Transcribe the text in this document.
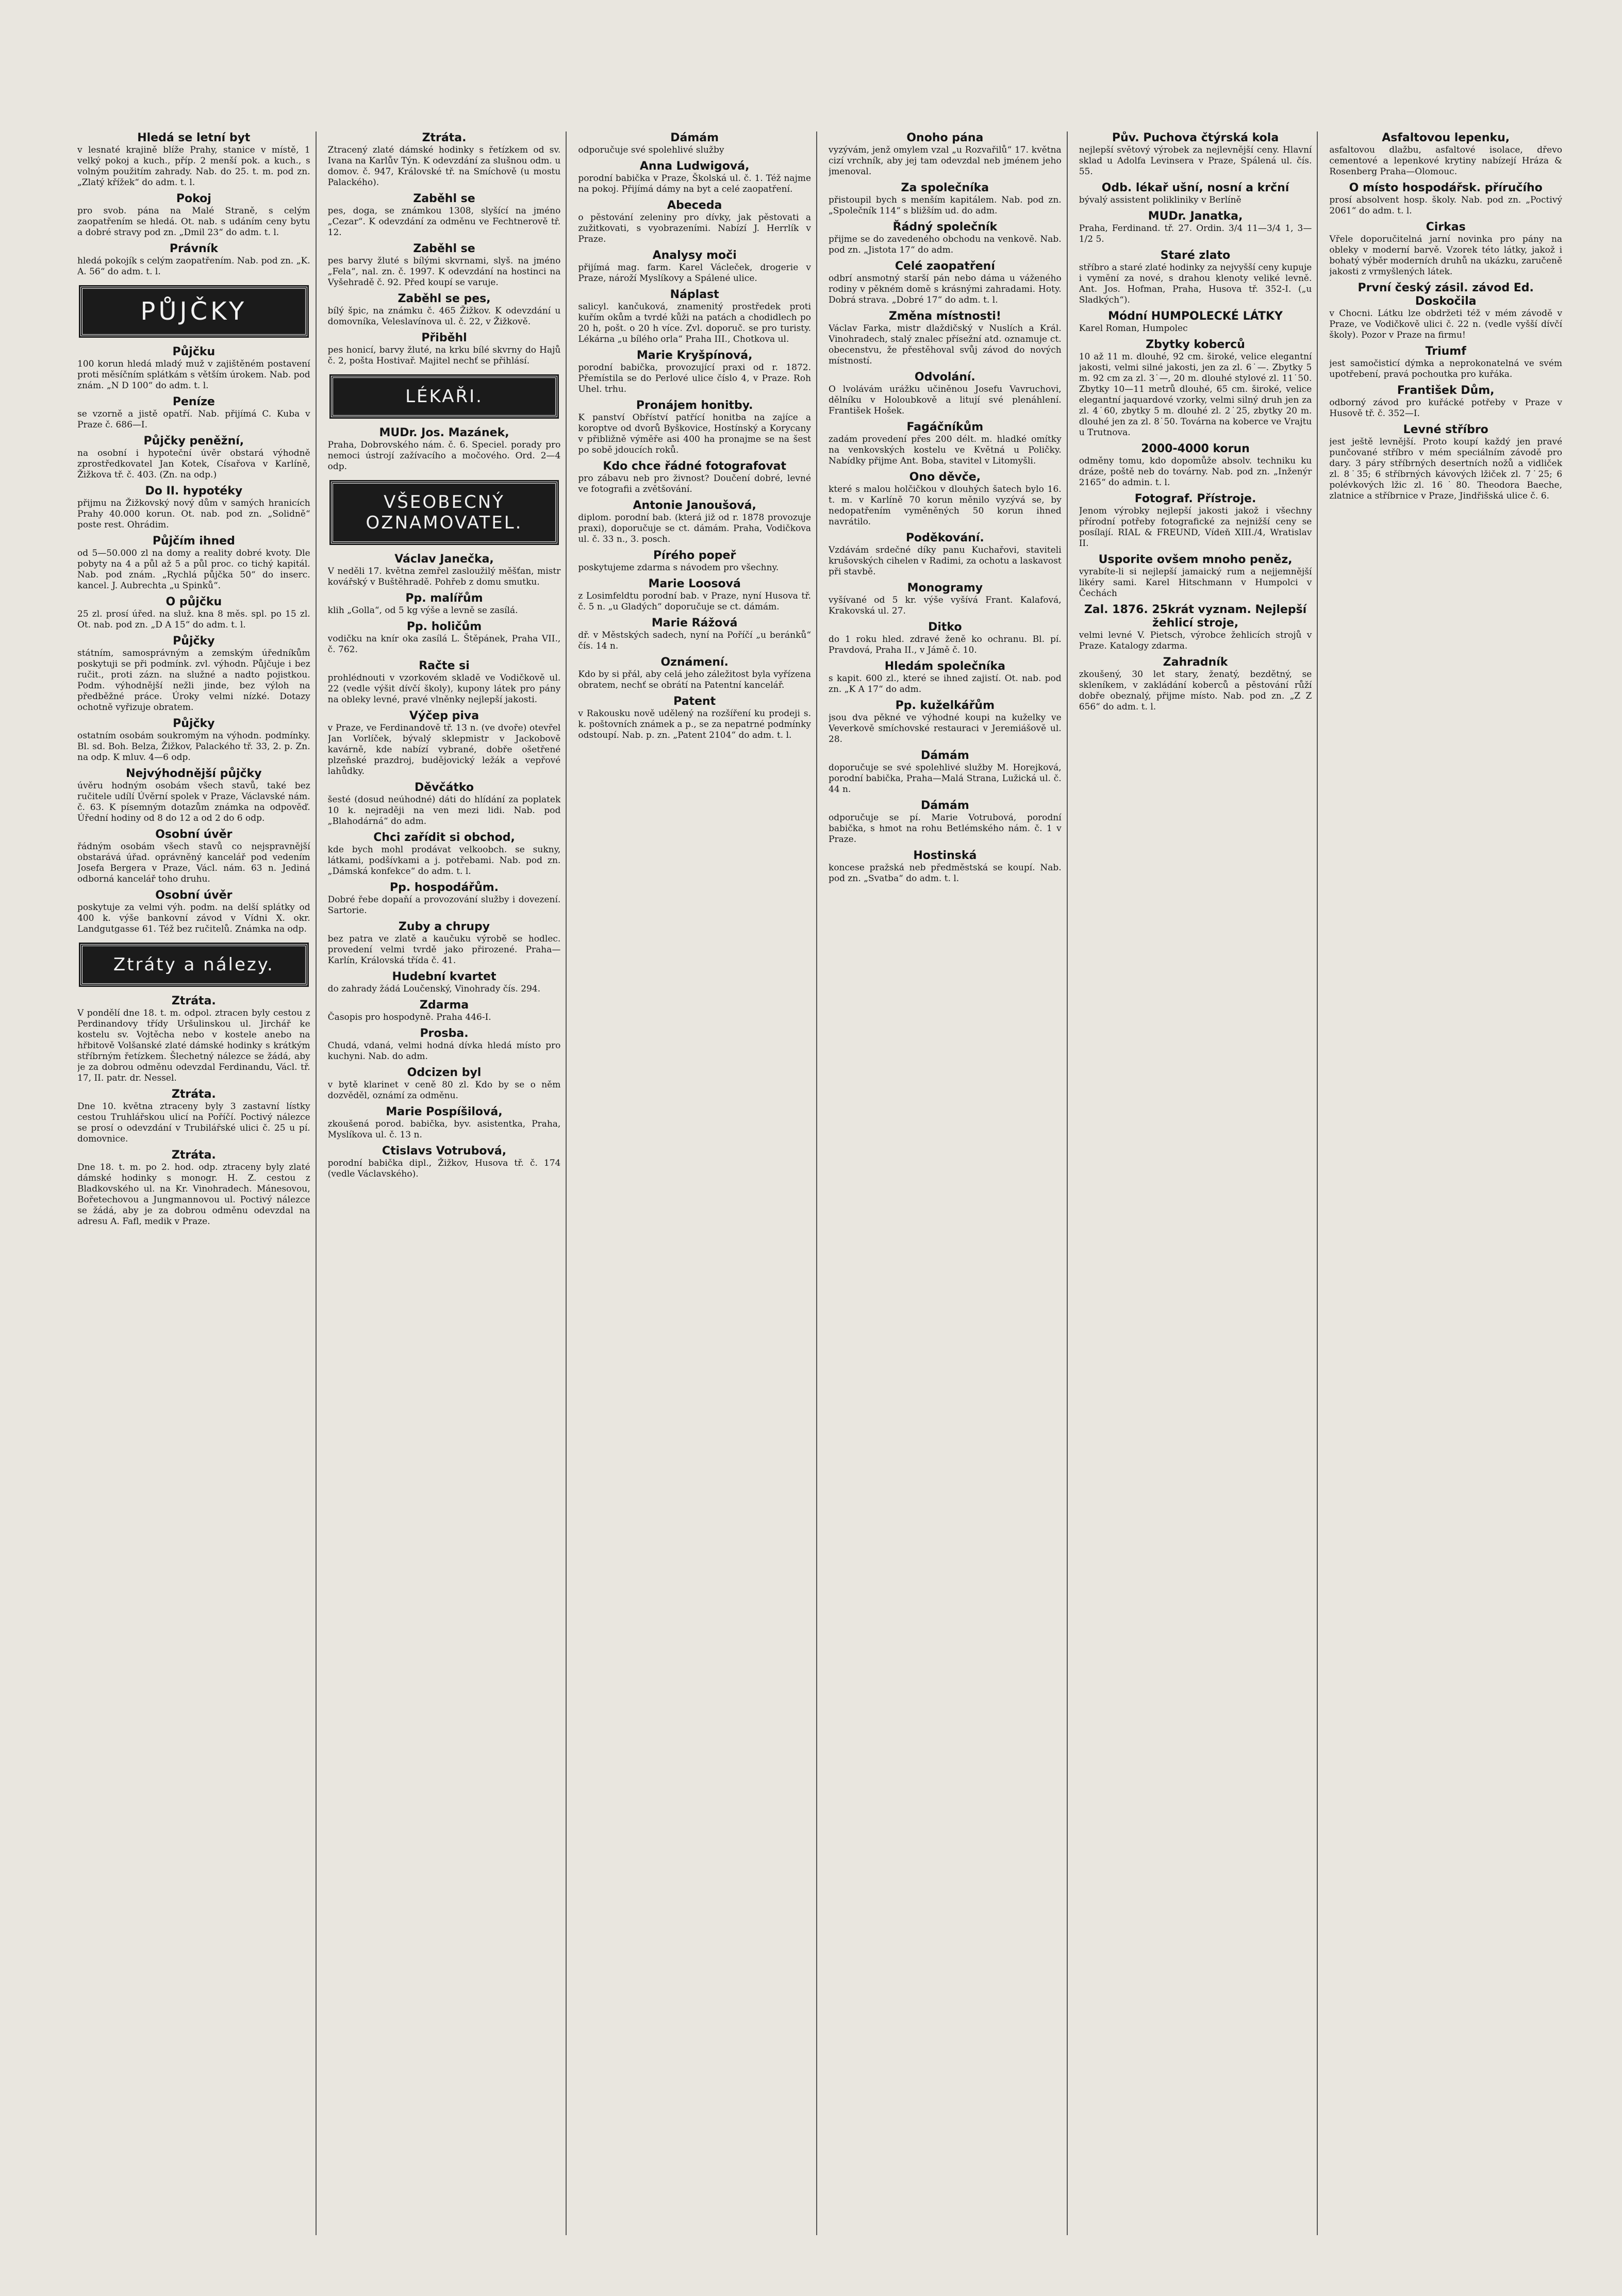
Hledá se letní byt
v lesnaté krajině blíže Prahy, stanice v místě, 1 velký pokoj a kuch., příp. 2 menší pok. a kuch., s volným použitím zahrady. Nab. do 25. t. m. pod zn. „Zlatý křížek“ do adm. t. l.
Pokoj
pro svob. pána na Malé Straně, s celým zaopatřením se hledá. Ot. nab. s udáním ceny bytu a dobré stravy pod zn. „Dmil 23“ do adm. t. l.
Právník
hledá pokojík s celým zaopatřením. Nab. pod zn. „K. A. 56“ do adm. t. l.
PŮJČKY
Půjčku
100 korun hledá mladý muž v zajištěném postavení proti měsíčním splátkám s větším úrokem. Nab. pod znám. „N D 100“ do adm. t. l.
Peníze
se vzorně a jistě opatří. Nab. přijímá C. Kuba v Praze č. 686—I.
Půjčky peněžní,
na osobní i hypoteční úvěr obstará výhodně zprostředkovatel Jan Kotek, Císařova v Karlíně, Žižkova tř. č. 403. (Zn. na odp.)
Do II. hypotéky
přijmu na Žižkovský nový dům v samých hranicích Prahy 40.000 korun. Ot. nab. pod zn. „Solidně“ poste rest. Ohrádim.
Půjčím ihned
od 5—50.000 zl na domy a reality dobré kvoty. Dle pobyty na 4 a půl až 5 a půl proc. co tichý kapitál. Nab. pod znám. „Rychlá půjčka 50“ do inserc. kancel. J. Aubrechta „u Spinků“.
O půjčku
25 zl. prosí úřed. na služ. kna 8 měs. spl. po 15 zl. Ot. nab. pod zn. „D A 15“ do adm. t. l.
Půjčky
státním, samosprávným a zemským úředníkům poskytuji se při podmínk. zvl. výhodn. Půjčuje i bez ručit., proti zázn. na služné a nadto pojistkou. Podm. výhodnější nežli jinde, bez výloh na předběžné práce. Úroky velmi nízké. Dotazy ochotně vyřizuje obratem.
Půjčky
ostatním osobám soukromým na výhodn. podmínky. Bl. sd. Boh. Belza, Žižkov, Palackého tř. 33, 2. p. Zn. na odp. K mluv. 4—6 odp.
Nejvýhodnější půjčky
úvěru hodným osobám všech stavů, také bez ručitele udílí Úvěrní spolek v Praze, Václavské nám. č. 63. K písemným dotazům známka na odpověď. Úřední hodiny od 8 do 12 a od 2 do 6 odp.
Osobní úvěr
řádným osobám všech stavů co nejspravnější obstarává úřad. oprávněný kancelář pod vedením Josefa Bergera v Praze, Václ. nám. 63 n. Jediná odborná kancelář toho druhu.
Osobní úvěr
poskytuje za velmi výh. podm. na delší splátky od 400 k. výše bankovní závod v Vídni X. okr. Landgutgasse 61. Též bez ručitelů. Známka na odp.
Ztráty a nálezy.
Ztráta.
V pondělí dne 18. t. m. odpol. ztracen byly cestou z Perdinandovy třídy Uršulinskou ul. Jirchář ke kostelu sv. Vojtěcha nebo v kostele anebo na hřbitově Volšanské zlaté dámské hodinky s krátkým stříbrným řetízkem. Šlechetný nálezce se žádá, aby je za dobrou odměnu odevzdal Ferdinandu, Václ. tř. 17, II. patr. dr. Nessel.
Ztráta.
Dne 10. května ztraceny byly 3 zastavní lístky cestou Truhlářskou ulicí na Poříčí. Poctivý nálezce se prosí o odevzdání v Trubilářské ulici č. 25 u pí. domovnice.
Ztráta.
Dne 18. t. m. po 2. hod. odp. ztraceny byly zlaté dámské hodinky s monogr. H. Z. cestou z Bladkovského ul. na Kr. Vinohradech. Mánesovou, Bořetechovou a Jungmannovou ul. Poctivý nálezce se žádá, aby je za dobrou odměnu odevzdal na adresu A. Fafl, medik v Praze.
Ztráta.
Ztracený zlaté dámské hodinky s řetízkem od sv. Ivana na Karlův Týn. K odevzdání za slušnou odm. u domov. č. 947, Královské tř. na Smíchově (u mostu Palackého).
Zaběhl se
pes, doga, se známkou 1308, slyšící na jméno „Cezar“. K odevzdání za odměnu ve Fechtnerově tř. 12.
Zaběhl se
pes barvy žluté s bílými skvrnami, slyš. na jméno „Fela“, nal. zn. č. 1997. K odevzdání na hostinci na Vyšehradě č. 92. Před koupí se varuje.
Zaběhl se pes,
bílý špic, na známku č. 465 Žižkov. K odevzdání u domovníka, Veleslavínova ul. č. 22, v Žižkově.
Přiběhl
pes honicí, barvy žluté, na krku bílé skvrny do Hajů č. 2, pošta Hostivař. Majitel nechť se přihlásí.
LÉKAŘI.
MUDr. Jos. Mazánek,
Praha, Dobrovského nám. č. 6. Speciel. porady pro nemoci ústrojí zažívacího a močového. Ord. 2—4 odp.
VŠEOBECNÝ OZNAMOVATEL.
Václav Janečka,
V neděli 17. května zemřel zasloužilý měšťan, mistr kovářský v Buštěhradě. Pohřeb z domu smutku.
Pp. malířům
klih „Golla“, od 5 kg výše a levně se zasílá.
Pp. holičům
vodičku na knír oka zasílá L. Štěpánek, Praha VII., č. 762.
Račte si
prohlédnouti v vzorkovém skladě ve Vodičkově ul. 22 (vedle výšit dívčí školy), kupony látek pro pány na obleky levné, pravé vlněnky nejlepší jakosti.
Výčep piva
v Praze, ve Ferdinandově tř. 13 n. (ve dvoře) otevřel Jan Vorlíček, bývalý sklepmistr v Jackobově kavárně, kde nabízí vybrané, dobře ošetřené plzeňské prazdroj, budějovický ležák a vepřové lahůdky.
Děvčátko
šesté (dosud neúhodné) dáti do hlídání za poplatek 10 k. nejraději na ven mezi lidi. Nab. pod „Blahodárná“ do adm.
Chci zařídit si obchod,
kde bych mohl prodávat velkoobch. se sukny, látkami, podšívkami a j. potřebami. Nab. pod zn. „Dámská konfekce“ do adm. t. l.
Pp. hospodářům.
Dobré řebe dopaňí a provozování služby i dovezení. Sartorie.
Zuby a chrupy
bez patra ve zlatě a kaučuku výrobě se hodlec. provedení velmi tvrdě jako přirozené. Praha—Karlín, Královská třída č. 41.
Hudební kvartet
do zahrady žádá Loučenský, Vinohrady čís. 294.
Zdarma
Časopis pro hospodyně. Praha 446-I.
Prosba.
Chudá, vdaná, velmi hodná dívka hledá místo pro kuchyni. Nab. do adm.
Odcizen byl
v bytě klarinet v ceně 80 zl. Kdo by se o něm dozvěděl, oznámí za odměnu.
Marie Pospíšilová,
zkoušená porod. babička, byv. asistentka, Praha, Myslíkova ul. č. 13 n.
Ctislavs Votrubová,
porodní babička dipl., Žižkov, Husova tř. č. 174 (vedle Václavského).
Dámám
odporučuje své spolehlivé služby
Anna Ludwigová,
porodní babička v Praze, Školská ul. č. 1. Též najme na pokoj. Přijímá dámy na byt a celé zaopatření.
Abeceda
o pěstování zeleniny pro dívky, jak pěstovati a zužitkovati, s vyobrazeními. Nabízí J. Herrlík v Praze.
Analysy moči
přijímá mag. farm. Karel Václeček, drogerie v Praze, nároží Myslíkovy a Spálené ulice.
Náplast
salicyl. kančuková, znamenitý prostředek proti kuřím okům a tvrdé kůži na patách a chodidlech po 20 h, pošt. o 20 h více. Zvl. doporuč. se pro turisty. Lékárna „u bílého orla“ Praha III., Chotkova ul.
Marie Kryšpínová,
porodní babička, provozující praxi od r. 1872. Přemístila se do Perlové ulice číslo 4, v Praze. Roh Uhel. trhu.
Pronájem honitby.
K panství Obříství patřící honitba na zajíce a koroptve od dvorů Byškovice, Hostínský a Korycany v přibližně výměře asi 400 ha pronajme se na šest po sobě jdoucích roků.
Kdo chce řádné fotografovat
pro zábavu neb pro živnost? Doučení dobré, levné ve fotografii a zvětšování.
Antonie Janoušová,
diplom. porodní bab. (která již od r. 1878 provozuje praxi), doporučuje se ct. dámám. Praha, Vodičkova ul. č. 33 n., 3. posch.
Pírého popeř
poskytujeme zdarma s návodem pro všechny.
Marie Loosová
z Losimfeldtu porodní bab. v Praze, nyní Husova tř. č. 5 n. „u Gladých“ doporučuje se ct. dámám.
Marie Rážová
dř. v Městských sadech, nyní na Poříčí „u beránků“ čís. 14 n.
Oznámení.
Kdo by si přál, aby celá jeho záležitost byla vyřízena obratem, nechť se obrátí na Patentní kancelář.
Patent
v Rakousku nově udělený na rozšíření ku prodeji s. k. poštovních známek a p., se za nepatrné podmínky odstoupí. Nab. p. zn. „Patent 2104“ do adm. t. l.
Onoho pána
vyzývám, jenž omylem vzal „u Rozvařilů“ 17. května cizí vrchník, aby jej tam odevzdal neb jménem jeho jmenoval.
Za společníka
přistoupil bych s menším kapitálem. Nab. pod zn. „Společník 114“ s bližším ud. do adm.
Řádný společník
přijme se do zavedeného obchodu na venkově. Nab. pod zn. „Jistota 17“ do adm.
Celé zaopatření
odbrí ansmotný starší pán nebo dáma u váženého rodiny v pěkném domě s krásnými zahradami. Hoty. Dobrá strava. „Dobré 17“ do adm. t. l.
Změna místnosti!
Václav Farka, mistr dlaždičský v Nuslích a Král. Vinohradech, stalý znalec přísežní atd. oznamuje ct. obecenstvu, že přestěhoval svůj závod do nových místností.
Odvolání.
O lvolávám urážku učiněnou Josefu Vavruchovi, dělníku v Holoubkově a litují své plenáhlení. František Hošek.
Fagáčníkům
zadám provedení přes 200 délt. m. hladké omítky na venkovských kostelu ve Květná u Poličky. Nabídky přijme Ant. Boba, stavitel v Litomyšli.
Ono děvče,
které s malou holčičkou v dlouhých šatech bylo 16. t. m. v Karlíně 70 korun měnilo vyzývá se, by nedopatřením vyměněných 50 korun ihned navrátilo.
Poděkování.
Vzdávám srdečné díky panu Kuchařovi, staviteli krušovských cihelen v Radimi, za ochotu a laskavost při stavbě.
Monogramy
vyšívané od 5 kr. výše vyšívá Frant. Kalafová, Krakovská ul. 27.
Ditko
do 1 roku hled. zdravé ženě ko ochranu. Bl. pí. Pravdová, Praha II., v Jámě č. 10.
Hledám společníka
s kapit. 600 zl., které se ihned zajistí. Ot. nab. pod zn. „K A 17“ do adm.
Pp. kuželkářům
jsou dva pěkné ve výhodné koupi na kuželky ve Veverkově smíchovské restauraci v Jeremiášově ul. 28.
Dámám
doporučuje se své spolehlivé služby M. Horejková, porodní babička, Praha—Malá Strana, Lužická ul. č. 44 n.
Dámám
odporučuje se pí. Marie Votrubová, porodní babička, s hmot na rohu Betlémského nám. č. 1 v Praze.
Hostinská
koncese pražská neb předměstská se koupí. Nab. pod zn. „Svatba“ do adm. t. l.
Pův. Puchova čtýrská kola
nejlepší světový výrobek za nejlevnější ceny. Hlavní sklad u Adolfa Levinsera v Praze, Spálená ul. čís. 55.
Odb. lékař ušní, nosní a krční
bývalý assistent polikliniky v Berlíně
MUDr. Janatka,
Praha, Ferdinand. tř. 27. Ordin. 3/4 11—3/4 1, 3—1/2 5.
Staré zlato
stříbro a staré zlaté hodinky za nejvyšší ceny kupuje i vymění za nové, s drahou klenoty veliké levně. Ant. Jos. Hofman, Praha, Husova tř. 352-I. („u Sladkých“).
Módní HUMPOLECKÉ LÁTKY
Karel Roman, Humpolec
Zbytky koberců
10 až 11 m. dlouhé, 92 cm. široké, velice elegantní jakosti, velmi silné jakosti, jen za zl. 6˙—. Zbytky 5 m. 92 cm za zl. 3˙—, 20 m. dlouhé stylové zl. 11˙50. Zbytky 10—11 metrů dlouhé, 65 cm. široké, velice elegantní jaquardové vzorky, velmi silný druh jen za zl. 4˙60, zbytky 5 m. dlouhé zl. 2˙25, zbytky 20 m. dlouhé jen za zl. 8˙50. Továrna na koberce ve Vrajtu u Trutnova.
2000-4000 korun
odměny tomu, kdo dopomůže absolv. techniku ku dráze, poště neb do továrny. Nab. pod zn. „Inženýr 2165“ do admin. t. l.
Fotograf. Přístroje.
Jenom výrobky nejlepší jakosti jakož i všechny přírodní potřeby fotografické za nejnižší ceny se posílají. RIAL & FREUND, Vídeň XIII./4, Wratislav II.
Usporite ovšem mnoho peněz,
vyrabíte-li si nejlepší jamaický rum a nejjemnější likéry sami. Karel Hitschmann v Humpolci v Čechách
Zal. 1876. 25krát vyznam. Nejlepší žehlicí stroje,
velmi levné V. Pietsch, výrobce žehlicích strojů v Praze. Katalogy zdarma.
Zahradník
zkoušený, 30 let stary, ženatý, bezdětný, se skleníkem, v zakládání koberců a pěstování růží dobře obeznalý, přijme místo. Nab. pod zn. „Z Z 656“ do adm. t. l.
Asfaltovou lepenku,
asfaltovou dlažbu, asfaltové isolace, dřevo cementové a lepenkové krytiny nabízejí Hráza & Rosenberg Praha—Olomouc.
O místo hospodářsk. příručího
prosí absolvent hosp. školy. Nab. pod zn. „Poctivý 2061“ do adm. t. l.
Cirkas
Vřele doporučitelná jarní novinka pro pány na obleky v moderní barvě. Vzorek této látky, jakož i bohatý výběr moderních druhů na ukázku, zaručeně jakosti z vrmyšlených látek.
První český zásil. závod Ed. Doskočila
v Chocni. Látku lze obdržeti též v mém závodě v Praze, ve Vodičkově ulici č. 22 n. (vedle vyšší dívčí školy). Pozor v Praze na firmu!
Triumf
jest samočisticí dýmka a neprokonatelná ve svém upotřebení, pravá pochoutka pro kuřáka.
František Dům,
odborný závod pro kuřácké potřeby v Praze v Husově tř. č. 352—I.
Levné stříbro
jest ještě levnější. Proto koupí každý jen pravé punčované stříbro v mém speciálním závodě pro dary. 3 páry stříbrných desertních nožů a vidliček zl. 8˙35; 6 stříbrných kávových lžiček zl. 7˙25; 6 polévkových lžic zl. 16˙80. Theodora Baeche, zlatnice a stříbrnice v Praze, Jindřišská ulice č. 6.
